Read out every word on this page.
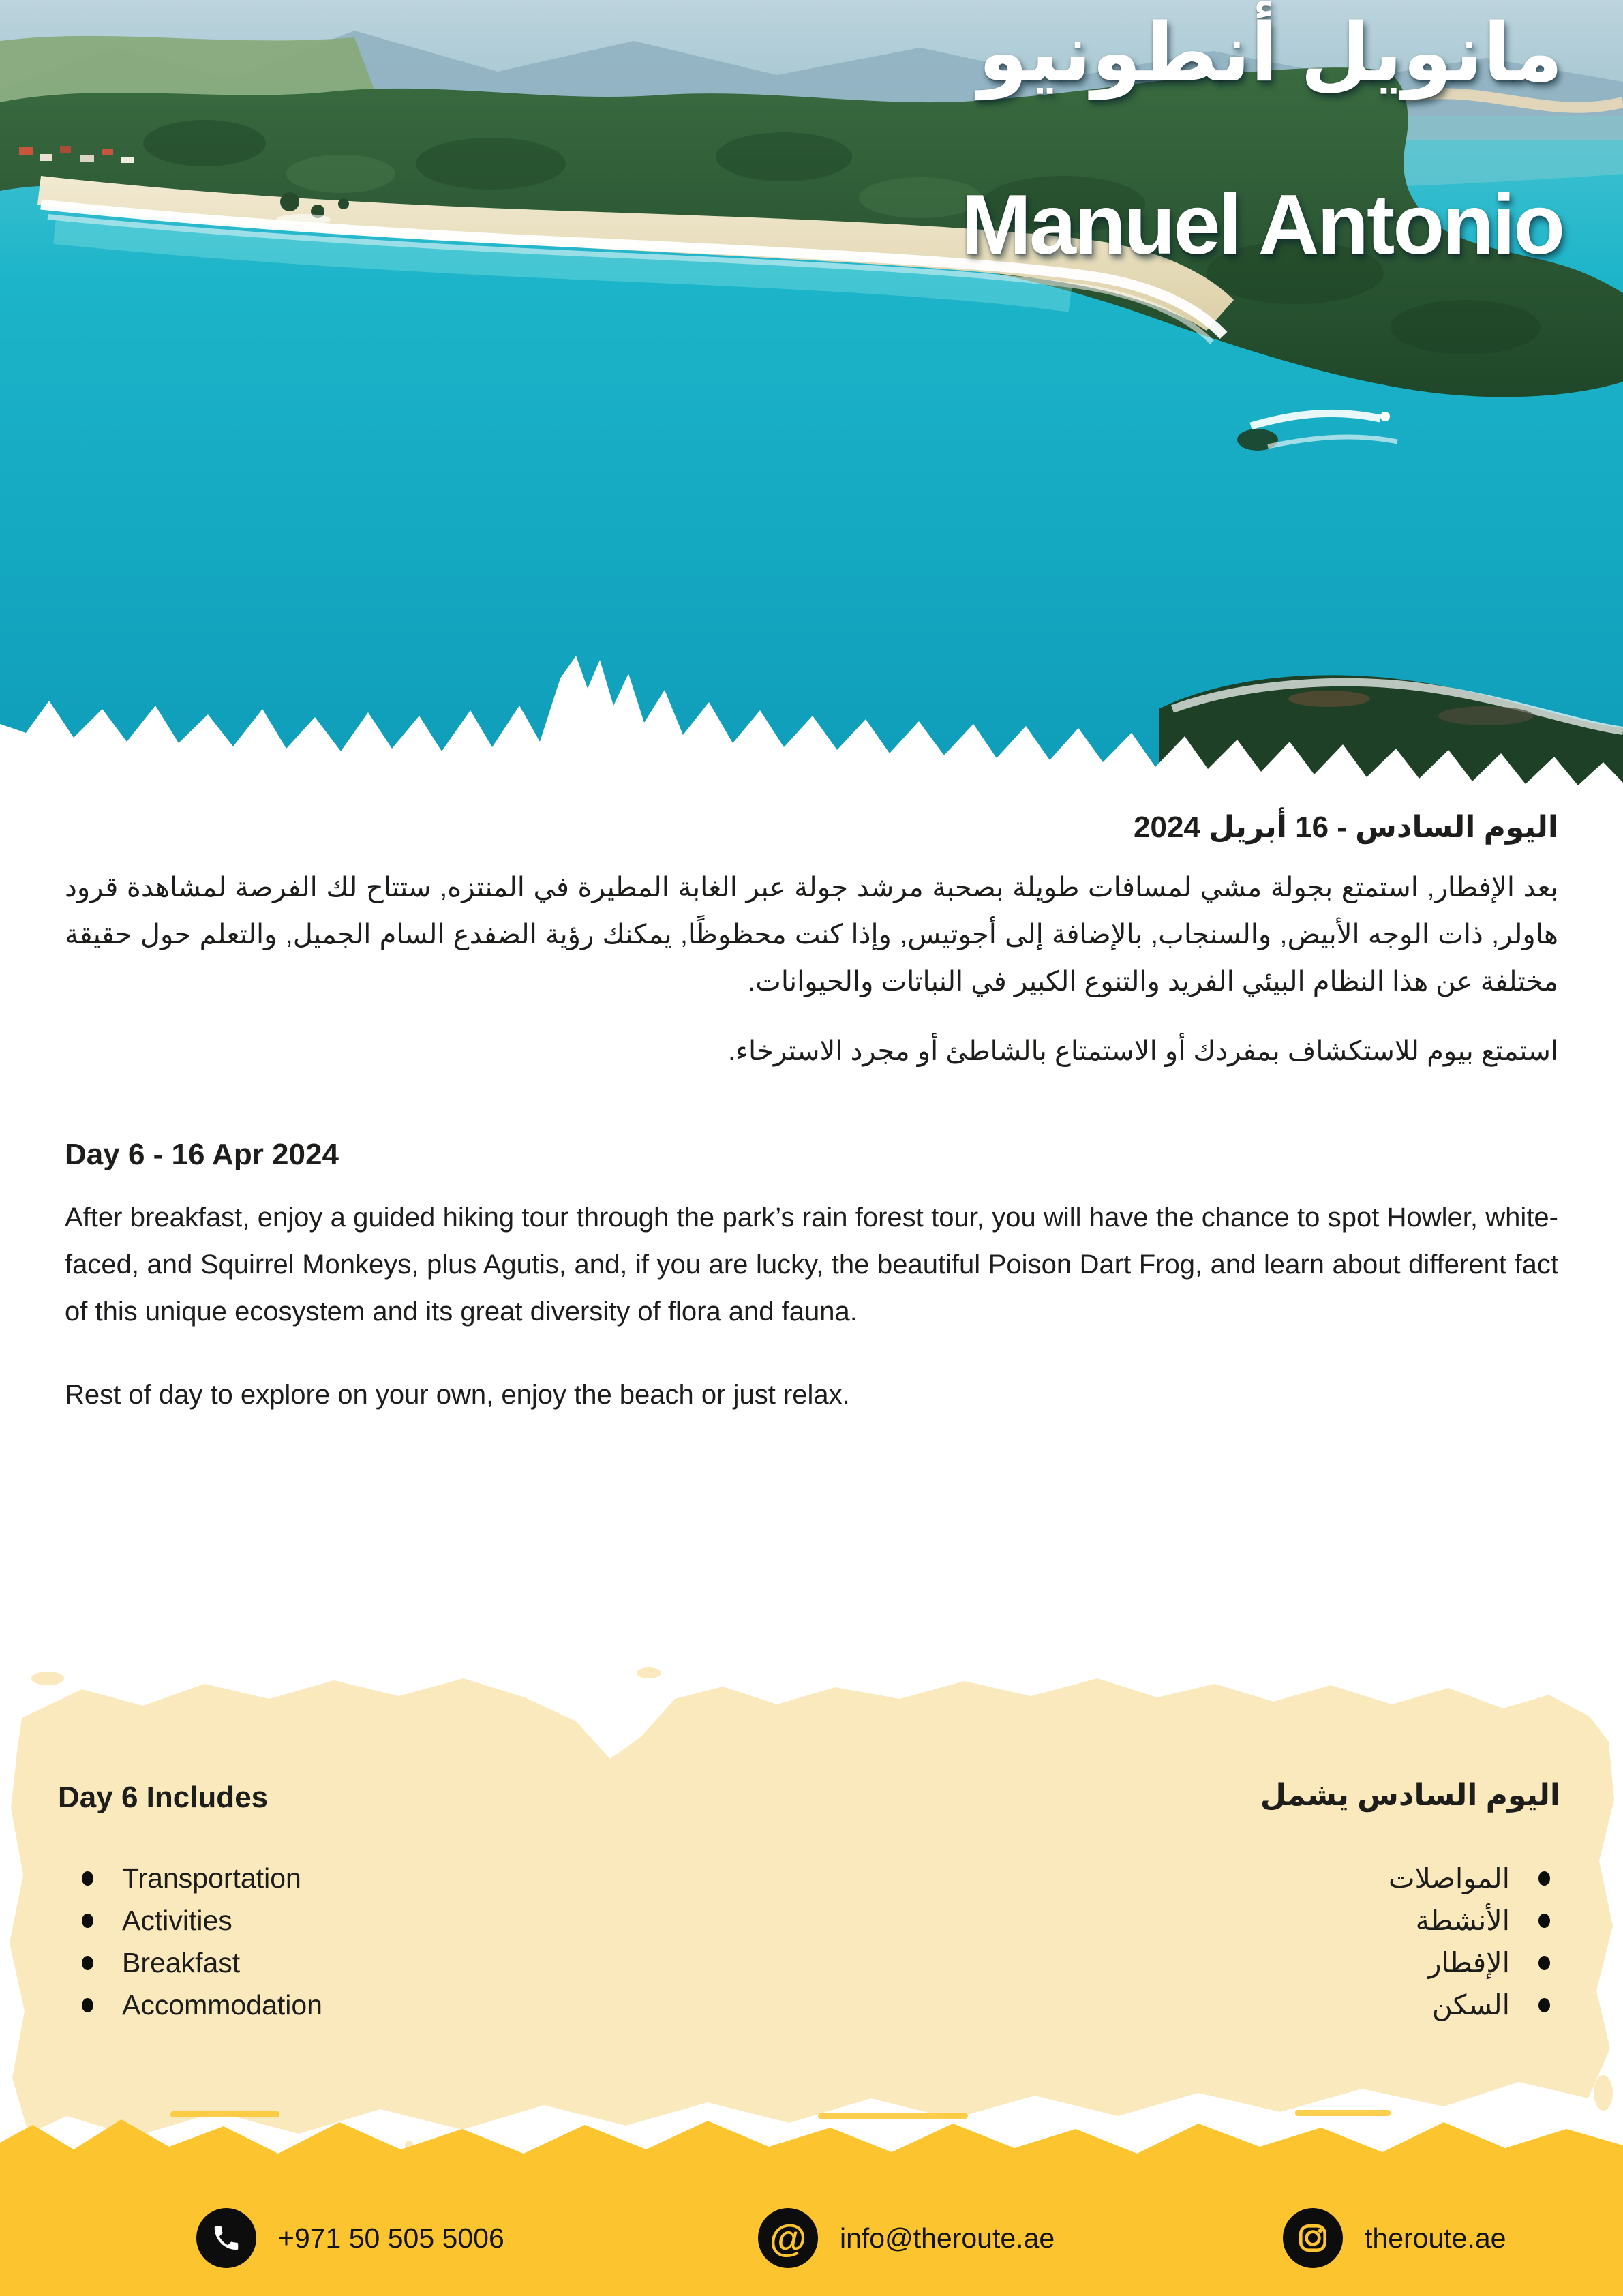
مانويل أنطونيو
Manuel Antonio
اليوم السادس - 16 أبريل 2024
بعد الإفطار, استمتع بجولة مشي لمسافات طويلة بصحبة مرشد جولة عبر الغابة المطيرة في المنتزه, ستتاح لك الفرصة لمشاهدة قرود هاولر, ذات الوجه الأبيض, والسنجاب, بالإضافة إلى أجوتيس, وإذا كنت محظوظًا, يمكنك رؤية الضفدع السام الجميل, والتعلم حول حقيقة مختلفة عن هذا النظام البيئي الفريد والتنوع الكبير في النباتات والحيوانات.
استمتع بيوم للاستكشاف بمفردك أو الاستمتاع بالشاطئ أو مجرد الاسترخاء.
Day 6 - 16 Apr 2024
After breakfast, enjoy a guided hiking tour through the park’s rain forest tour, you will have the chance to spot Howler, white-faced, and Squirrel Monkeys, plus Agutis, and, if you are lucky, the beautiful Poison Dart Frog, and learn about different fact of this unique ecosystem and its great diversity of flora and fauna.
Rest of day to explore on your own, enjoy the beach or just relax.
Day 6 Includes	اليوم السادس يشمل
Transportation
Activities
Breakfast
Accommodation
المواصلات
الأنشطة
الإفطار
السكن
+971 50 505 5006	@ info@theroute.ae	theroute.ae
